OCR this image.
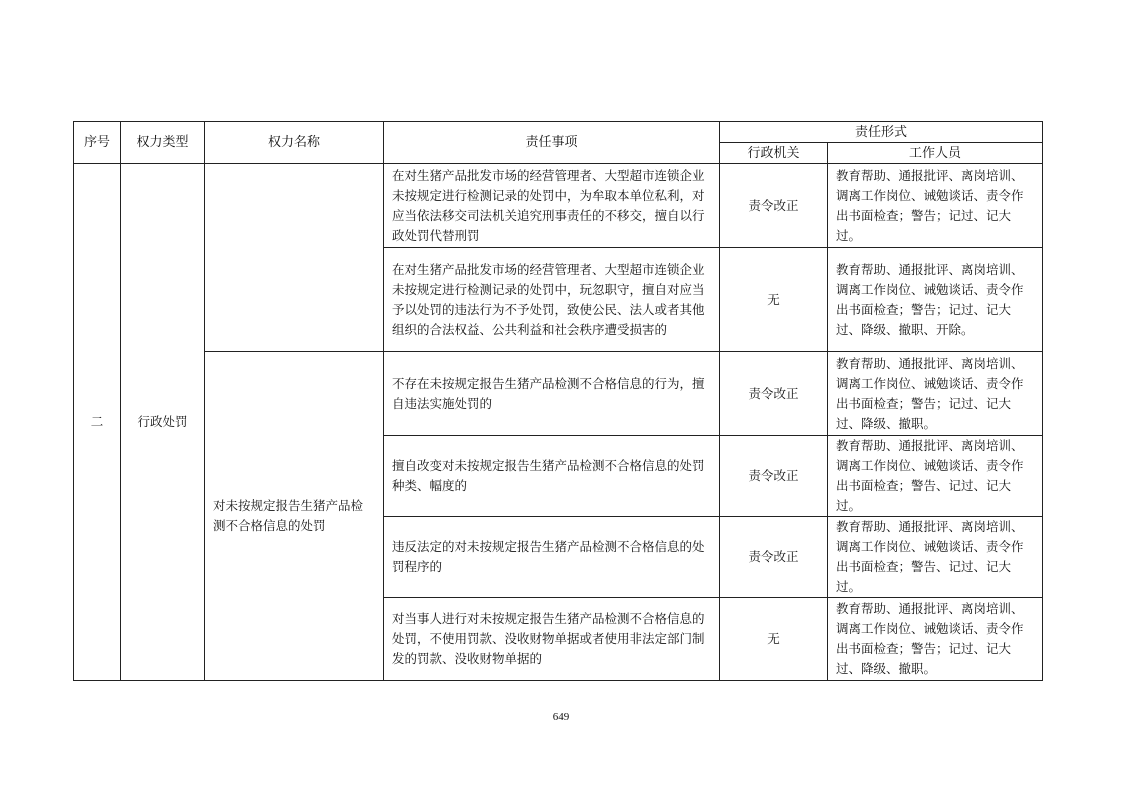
序号	权力类型	权力名称	责任事项	责任形式	
				行政机关	工作人员
二	行政处罚		在对生猪产品批发市场的经营管理者、大型超市连锁企业未按规定进行检测记录的处罚中，为牟取本单位私利，对应当依法移交司法机关追究刑事责任的不移交，擅自以行政处罚代替刑罚	责令改正	教育帮助、通报批评、离岗培训、调离工作岗位、诫勉谈话、责令作出书面检查；警告；记过、记大过。
			在对生猪产品批发市场的经营管理者、大型超市连锁企业未按规定进行检测记录的处罚中，玩忽职守，擅自对应当予以处罚的违法行为不予处罚，致使公民、法人或者其他组织的合法权益、公共利益和社会秩序遭受损害的	无	教育帮助、通报批评、离岗培训、调离工作岗位、诫勉谈话、责令作出书面检查；警告；记过、记大过、降级、撤职、开除。
		对未按规定报告生猪产品检测不合格信息的处罚	不存在未按规定报告生猪产品检测不合格信息的行为，擅自违法实施处罚的	责令改正	教育帮助、通报批评、离岗培训、调离工作岗位、诫勉谈话、责令作出书面检查；警告；记过、记大过、降级、撤职。
			擅自改变对未按规定报告生猪产品检测不合格信息的处罚种类、幅度的	责令改正	教育帮助、通报批评、离岗培训、调离工作岗位、诫勉谈话、责令作出书面检查；警告、记过、记大过。
			违反法定的对未按规定报告生猪产品检测不合格信息的处罚程序的	责令改正	教育帮助、通报批评、离岗培训、调离工作岗位、诫勉谈话、责令作出书面检查；警告、记过、记大过。
			对当事人进行对未按规定报告生猪产品检测不合格信息的处罚，不使用罚款、没收财物单据或者使用非法定部门制发的罚款、没收财物单据的	无	教育帮助、通报批评、离岗培训、调离工作岗位、诫勉谈话、责令作出书面检查；警告；记过、记大过、降级、撤职。
649
